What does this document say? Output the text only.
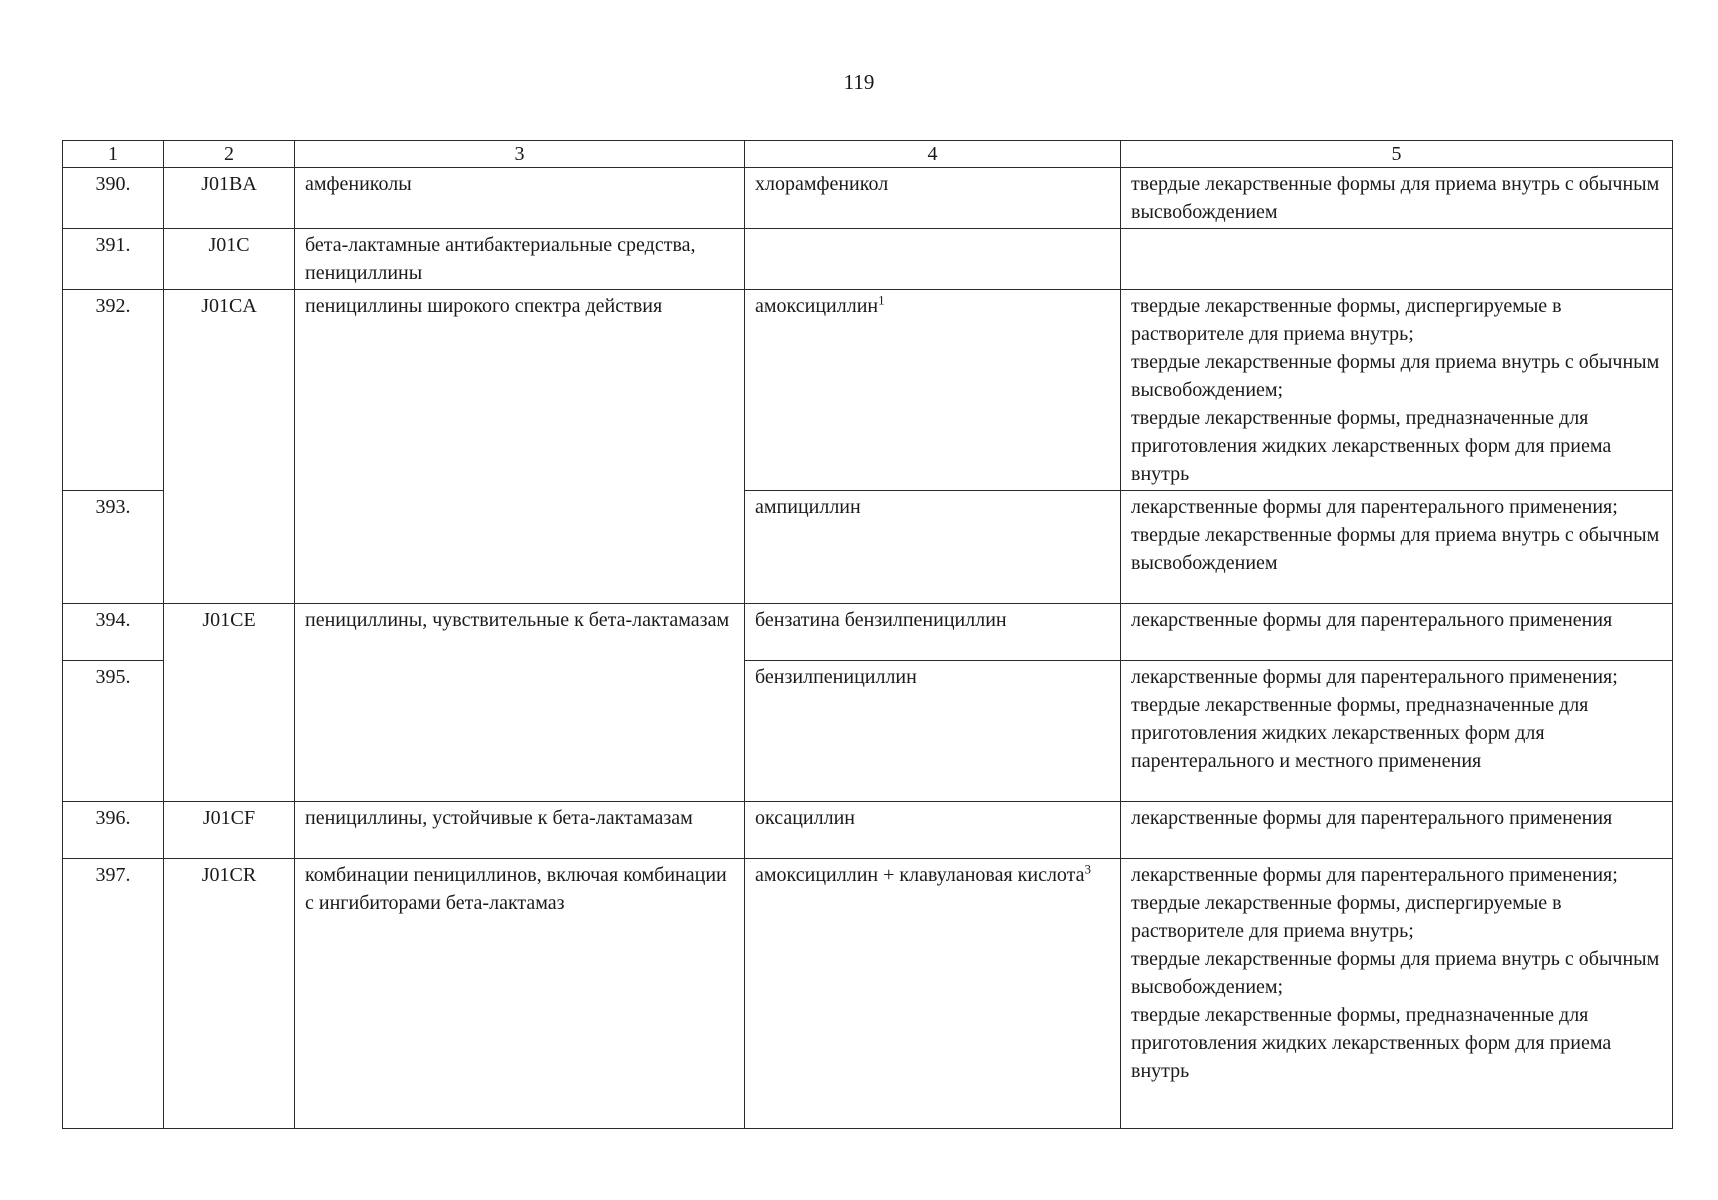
119
1	2	3	4	5
390.	J01BA	амфениколы	хлорамфеникол	твердые лекарственные формы для приема внутрь с обычным высвобождением

391.	J01C	бета-лактамные антибактериальные средства, пенициллины		
392.	J01CA	пенициллины широкого спектра действия	амоксициллин$^1$	твердые лекарственные формы, диспергируемые в растворителе для приема внутрь;
твердые лекарственные формы для приема внутрь с обычным высвобождением;
твердые лекарственные формы, предназначенные для приготовления жидких лекарственных форм для приема внутрь

393.			ампициллин	лекарственные формы для парентерального применения;
твердые лекарственные формы для приема внутрь с обычным высвобождением

394.	J01CE	пенициллины, чувствительные к бета-лактамазам	бензатина бензилпенициллин	лекарственные формы для парентерального применения

395.			бензилпенициллин	лекарственные формы для парентерального применения;
твердые лекарственные формы, предназначенные для приготовления жидких лекарственных форм для парентерального и местного применения

396.	J01CF	пенициллины, устойчивые к бета-лактамазам	оксациллин	лекарственные формы для парентерального применения

397.	J01CR	комбинации пенициллинов, включая комбинации с ингибиторами бета-лактамаз	амоксициллин + клавулановая кислота$^3$	лекарственные формы для парентерального применения;
твердые лекарственные формы, диспергируемые в растворителе для приема внутрь;
твердые лекарственные формы для приема внутрь с обычным высвобождением;
твердые лекарственные формы, предназначенные для приготовления жидких лекарственных форм для приема внутрь
